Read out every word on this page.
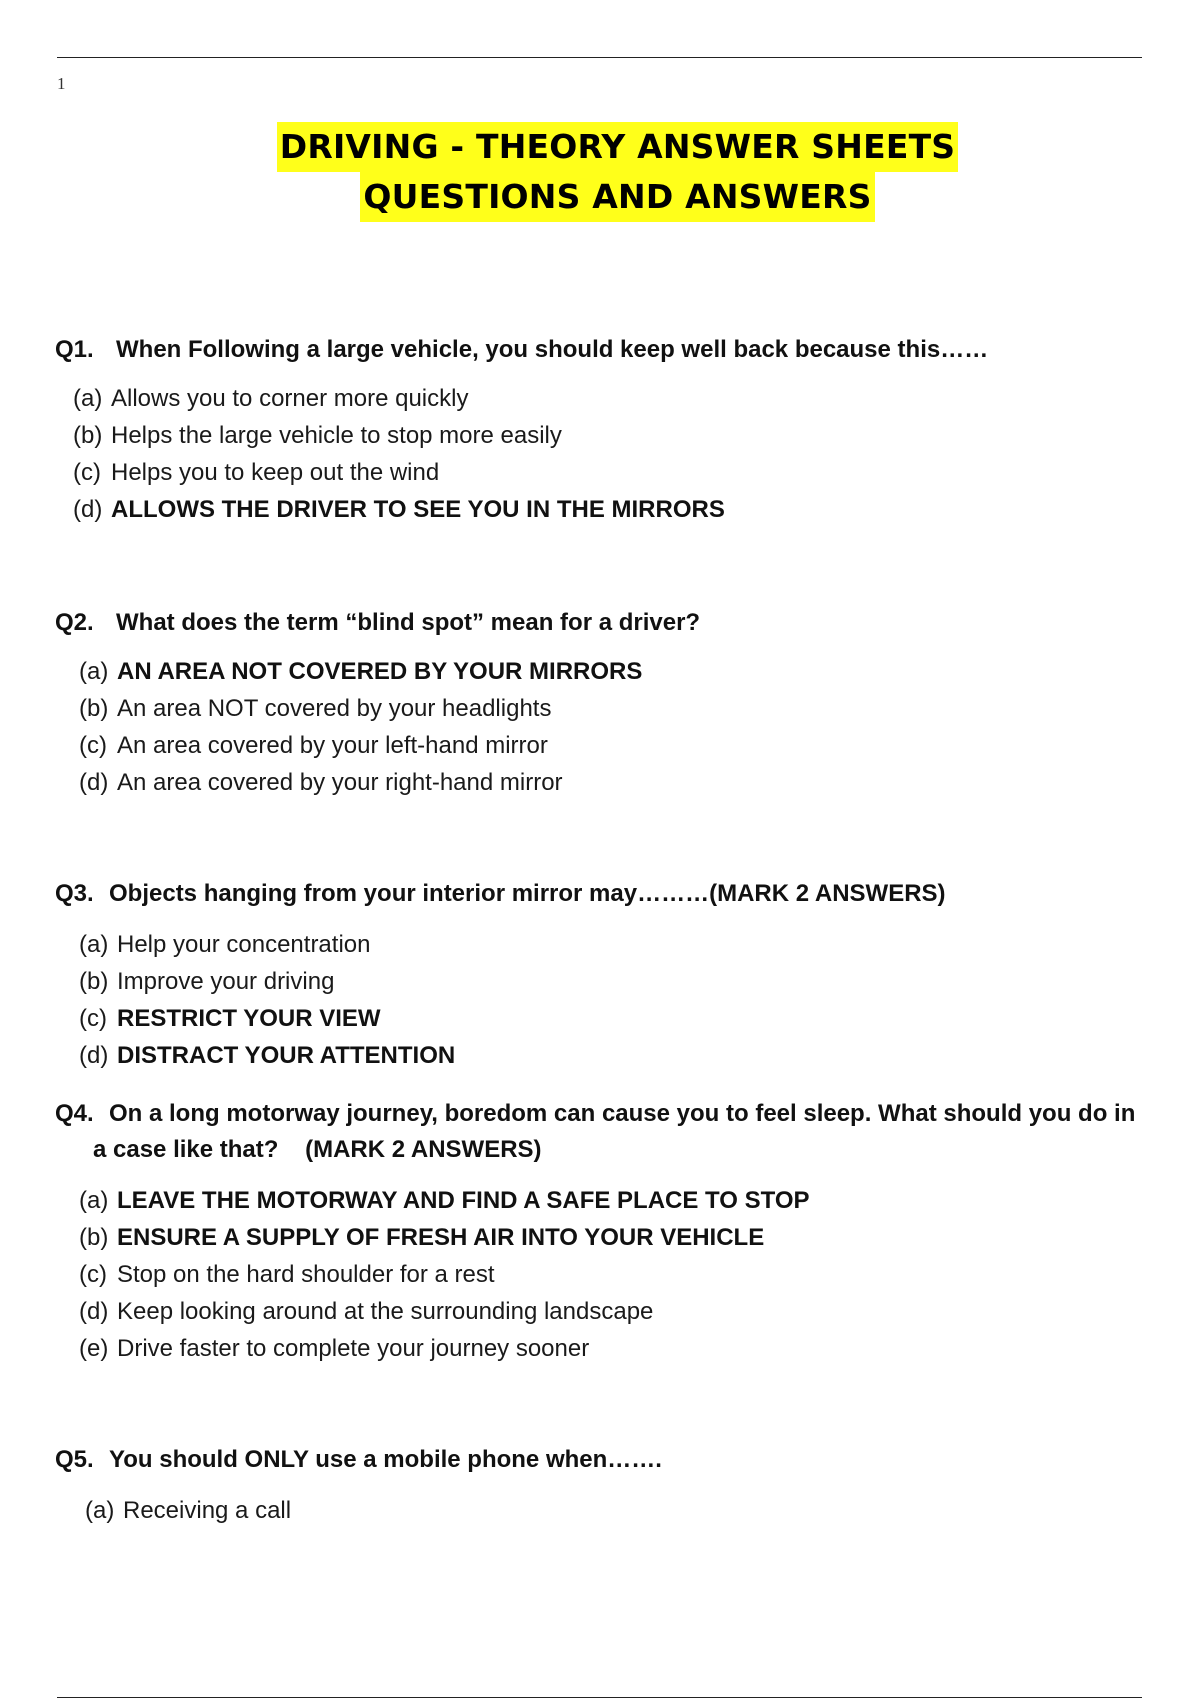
1
DRIVING - THEORY ANSWER SHEETS
QUESTIONS AND ANSWERS

Q1. When Following a large vehicle, you should keep well back because this……

(a) Allows you to corner more quickly
(b) Helps the large vehicle to stop more easily
(c) Helps you to keep out the wind
(d) ALLOWS THE DRIVER TO SEE YOU IN THE MIRRORS

Q2. What does the term “blind spot” mean for a driver?

(a) AN AREA NOT COVERED BY YOUR MIRRORS
(b) An area NOT covered by your headlights
(c) An area covered by your left-hand mirror
(d) An area covered by your right-hand mirror

Q3. Objects hanging from your interior mirror may………(MARK 2 ANSWERS)

(a) Help your concentration
(b) Improve your driving
(c) RESTRICT YOUR VIEW
(d) DISTRACT YOUR ATTENTION

Q4. On a long motorway journey, boredom can cause you to feel sleep. What should you do in
a case like that?    (MARK 2 ANSWERS)

(a) LEAVE THE MOTORWAY AND FIND A SAFE PLACE TO STOP
(b) ENSURE A SUPPLY OF FRESH AIR INTO YOUR VEHICLE
(c) Stop on the hard shoulder for a rest
(d) Keep looking around at the surrounding landscape
(e) Drive faster to complete your journey sooner

Q5. You should ONLY use a mobile phone when…….

(a) Receiving a call
